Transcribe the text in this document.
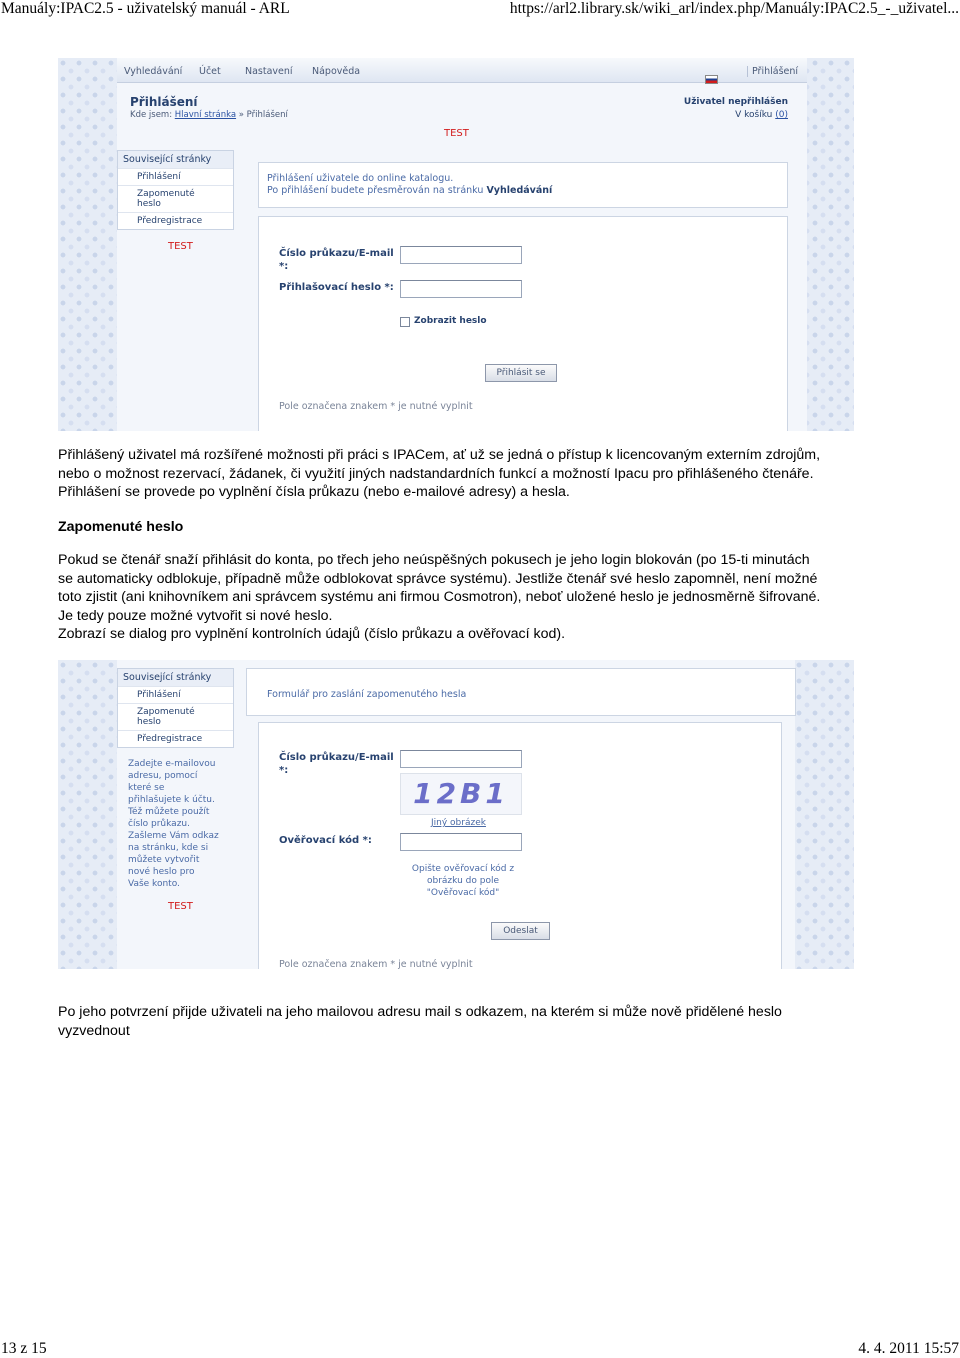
Manuály:IPAC2.5 - uživatelský manuál - ARL	https://arl2.library.sk/wiki_arl/index.php/Manuály:IPAC2.5_-_uživatel...
Vyhledávání Účet	Nastavení Nápověda	Přihlášení
Přihlášení
Kde jsem: Hlavní stránka » Přihlášení
Uživatel nepřihlášen
V košíku (0)
TEST
Související stránky
Přihlášení
Zapomenuté heslo
Předregistrace
TEST
Přihlášení uživatele do online katalogu.
Po přihlášení budete přesměrován na stránku Vyhledávání
Číslo průkazu/E-mail
*:
Přihlašovací heslo *:
Zobrazit heslo
Přihlásit se
Pole označena znakem * je nutné vyplnit
Přihlášený uživatel má rozšířené možnosti při práci s IPACem, ať už se jedná o přístup k licencovaným externím zdrojům,
nebo o možnost rezervací, žádanek, či využití jiných nadstandardních funkcí a možností Ipacu pro přihlášeného čtenáře.
Přihlášení se provede po vyplnění čísla průkazu (nebo e-mailové adresy) a hesla.
Zapomenuté heslo
Pokud se čtenář snaží přihlásit do konta, po třech jeho neúspěšných pokusech je jeho login blokován (po 15-ti minutách
se automaticky odblokuje, případně může odblokovat správce systému). Jestliže čtenář své heslo zapomněl, není možné
toto zjistit (ani knihovníkem ani správcem systému ani firmou Cosmotron), neboť uložené heslo je jednosměrně šifrované.
Je tedy pouze možné vytvořit si nové heslo.
Zobrazí se dialog pro vyplnění kontrolních údajů (číslo průkazu a ověřovací kod).
Související stránky
Přihlášení
Zapomenuté heslo
Předregistrace
Zadejte e-mailovou
adresu, pomocí
které se
přihlašujete k účtu.
Též můžete použít
číslo průkazu.
Zašleme Vám odkaz
na stránku, kde si
můžete vytvořit
nové heslo pro
Vaše konto.
TEST
Formulář pro zaslání zapomenutého hesla
Číslo průkazu/E-mail
*:
12B1
Jiný obrázek
Ověřovací kód *:
Opište ověřovací kód z
obrázku do pole
"Ověřovací kód"
Odeslat
Pole označena znakem * je nutné vyplnit
Po jeho potvrzení přijde uživateli na jeho mailovou adresu mail s odkazem, na kterém si může nově přidělené heslo
vyzvednout
13 z 15	4. 4. 2011 15:57
